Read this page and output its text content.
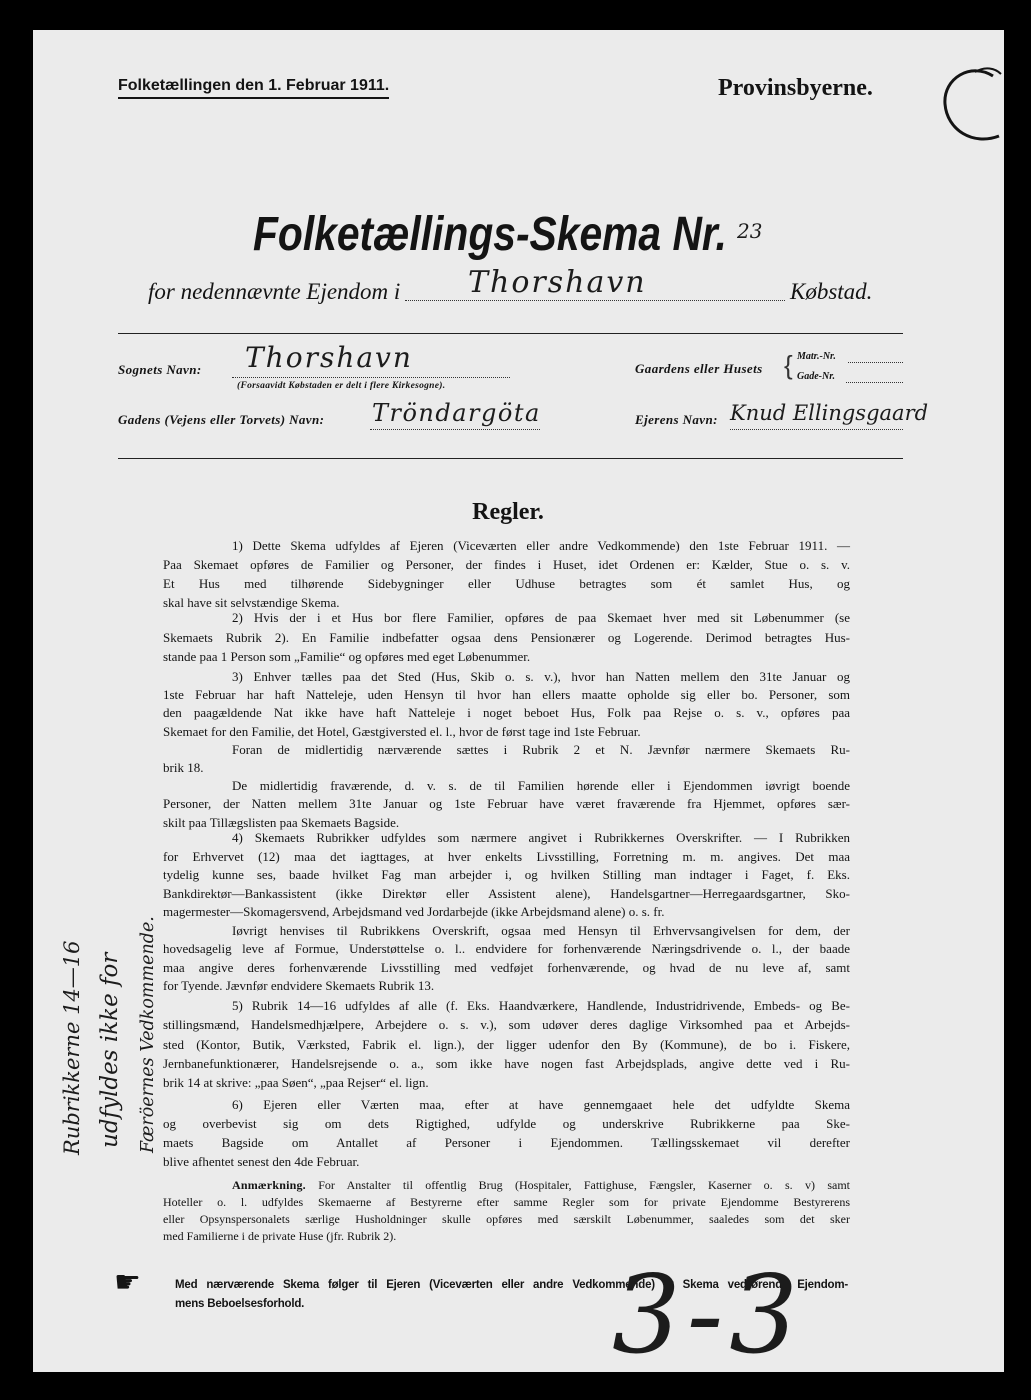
Folketællingen den 1. Februar 1911.	Provinsbyerne.
Folketællings-Skema Nr. 23
for nedennævnte Ejendom i Thorshavn	Købstad.
Sognets Navn: Thorshavn
(Forsaavidt Købstaden er delt i flere Kirkesogne).
Gaardens eller Husets { Matr.-Nr.
Gade-Nr.
Gadens (Vejens eller Torvets) Navn: Tröndargöta	Ejerens Navn: Knud Ellingsgaard
Regler.
1) Dette Skema udfyldes af Ejeren (Viceværten eller andre Vedkommende) den 1ste Februar 1911. —
Paa Skemaet opføres de Familier og Personer, der findes i Huset, idet Ordenen er: Kælder, Stue o. s. v.
Et Hus med tilhørende Sidebygninger eller Udhuse betragtes som ét samlet Hus, og
skal have sit selvstændige Skema.
2) Hvis der i et Hus bor flere Familier, opføres de paa Skemaet hver med sit Løbenummer (se
Skemaets Rubrik 2). En Familie indbefatter ogsaa dens Pensionærer og Logerende. Derimod betragtes Hus-
stande paa 1 Person som „Familie“ og opføres med eget Løbenummer.
3) Enhver tælles paa det Sted (Hus, Skib o. s. v.), hvor han Natten mellem den 31te Januar og
1ste Februar har haft Natteleje, uden Hensyn til hvor han ellers maatte opholde sig eller bo. Personer, som
den paagældende Nat ikke have haft Natteleje i noget beboet Hus, Folk paa Rejse o. s. v., opføres paa
Skemaet for den Familie, det Hotel, Gæstgiversted el. l., hvor de først tage ind 1ste Februar.
Foran de midlertidig nærværende sættes i Rubrik 2 et N. Jævnfør nærmere Skemaets Ru-
brik 18.
De midlertidig fraværende, d. v. s. de til Familien hørende eller i Ejendommen iøvrigt boende
Personer, der Natten mellem 31te Januar og 1ste Februar have været fraværende fra Hjemmet, opføres sær-
skilt paa Tillægslisten paa Skemaets Bagside.
4) Skemaets Rubrikker udfyldes som nærmere angivet i Rubrikkernes Overskrifter. — I Rubrikken
for Erhvervet (12) maa det iagttages, at hver enkelts Livsstilling, Forretning m. m. angives. Det maa
tydelig kunne ses, baade hvilket Fag man arbejder i, og hvilken Stilling man indtager i Faget, f. Eks.
Bankdirektør—Bankassistent (ikke Direktør eller Assistent alene), Handelsgartner—Herregaardsgartner, Sko-
magermester—Skomagersvend, Arbejdsmand ved Jordarbejde (ikke Arbejdsmand alene) o. s. fr.
Iøvrigt henvises til Rubrikkens Overskrift, ogsaa med Hensyn til Erhvervsangivelsen for dem, der
hovedsagelig leve af Formue, Understøttelse o. l.. endvidere for forhenværende Næringsdrivende o. l., der baade
maa angive deres forhenværende Livsstilling med vedføjet forhenværende, og hvad de nu leve af, samt
for Tyende. Jævnfør endvidere Skemaets Rubrik 13.
5) Rubrik 14—16 udfyldes af alle (f. Eks. Haandværkere, Handlende, Industridrivende, Embeds- og Be-
stillingsmænd, Handelsmedhjælpere, Arbejdere o. s. v.), som udøver deres daglige Virksomhed paa et Arbejds-
sted (Kontor, Butik, Værksted, Fabrik el. lign.), der ligger udenfor den By (Kommune), de bo i. Fiskere,
Jernbanefunktionærer, Handelsrejsende o. a., som ikke have nogen fast Arbejdsplads, angive dette ved i Ru-
brik 14 at skrive: „paa Søen“, „paa Rejser“ el. lign.
6) Ejeren eller Værten maa, efter at have gennemgaaet hele det udfyldte Skema
og overbevist sig om dets Rigtighed, udfylde og underskrive Rubrikkerne paa Ske-
maets Bagside om Antallet af Personer i Ejendommen. Tællingsskemaet vil derefter
blive afhentet senest den 4de Februar.
Anmærkning. For Anstalter til offentlig Brug (Hospitaler, Fattighuse, Fængsler, Kaserner o. s. v) samt
Hoteller o. l. udfyldes Skemaerne af Bestyrerne efter samme Regler som for private Ejendomme Bestyrerens
eller Opsynspersonalets særlige Husholdninger skulle opføres med særskilt Løbenummer, saaledes som det sker
med Familierne i de private Huse (jfr. Rubrik 2).
☛	Med nærværende Skema følger til Ejeren (Viceværten eller andre Vedkommende) et Skema vedrørende Ejendom-
mens Beboelsesforhold.
Rubrikkerne 14—16 udfyldes ikke for Færöernes Vedkommende.
3-3
